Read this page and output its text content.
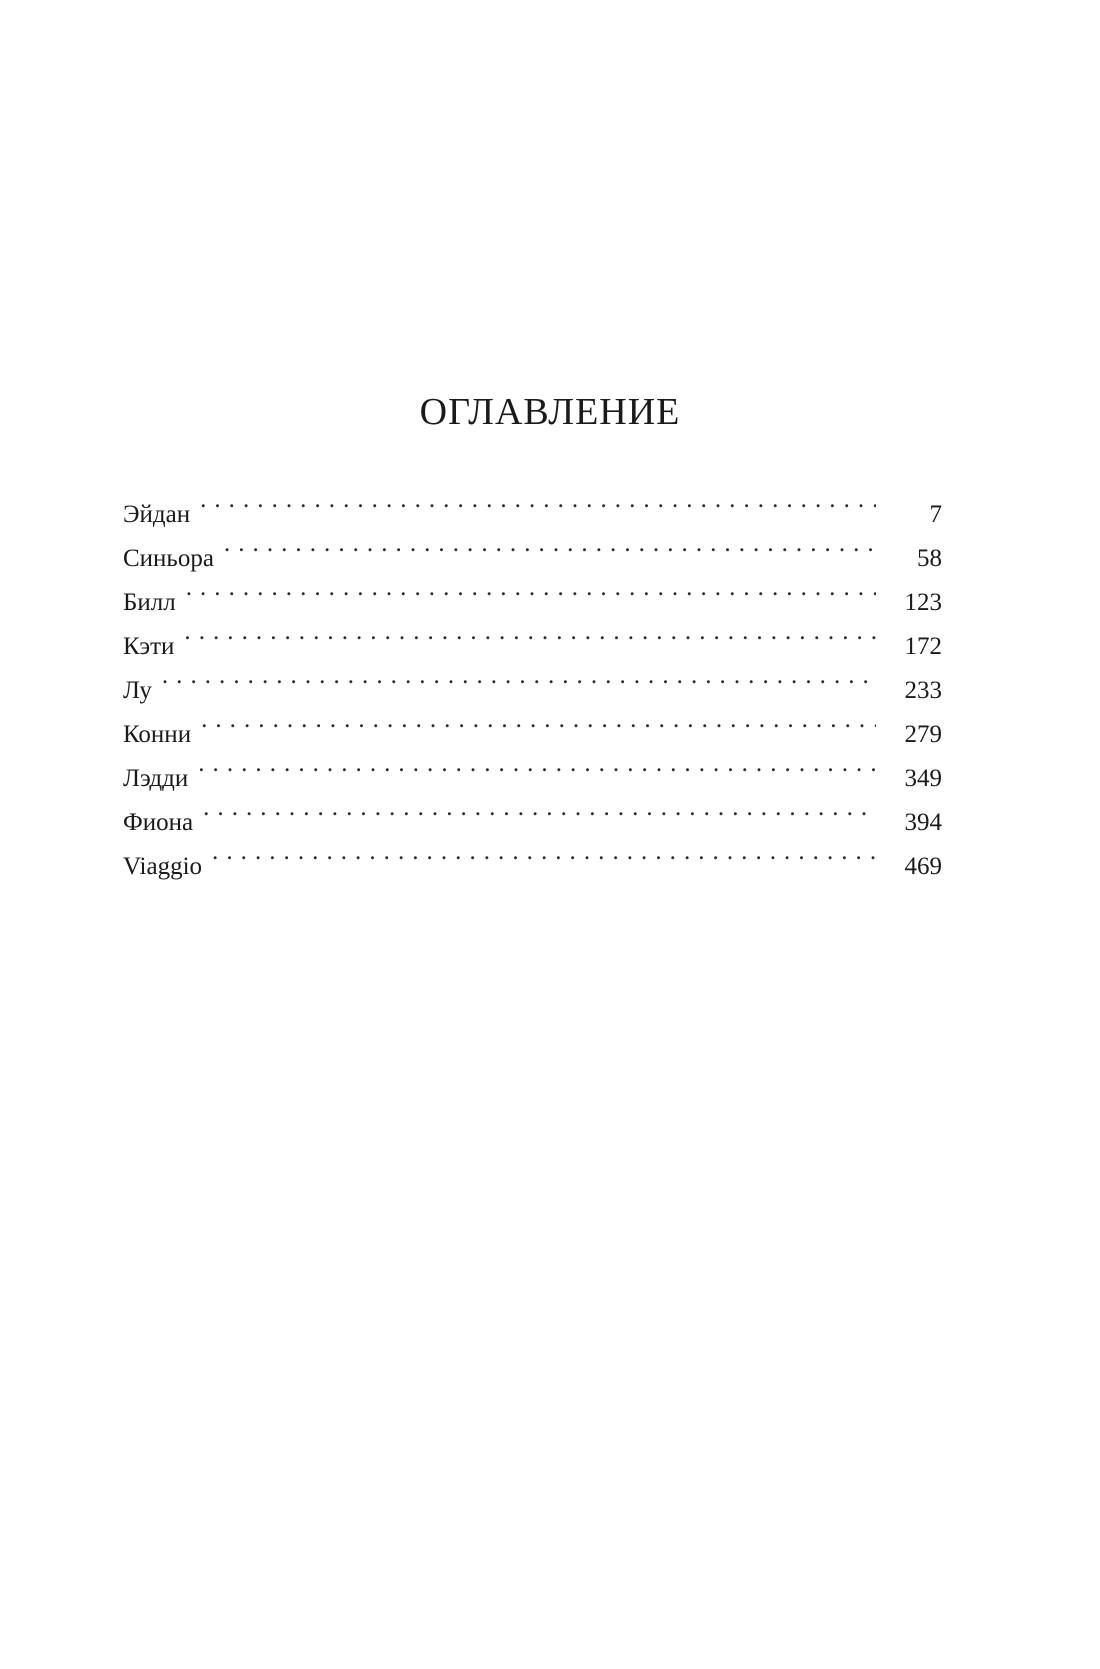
ОГЛАВЛЕНИЕ
Эйдан . . .	7
Синьора . . .	58
Билл . . .	123
Кэти . . .	172
Лу . . .	233
Конни . . .	279
Лэдди . . .	349
Фиона . . .	394
Viaggio . . .	469
